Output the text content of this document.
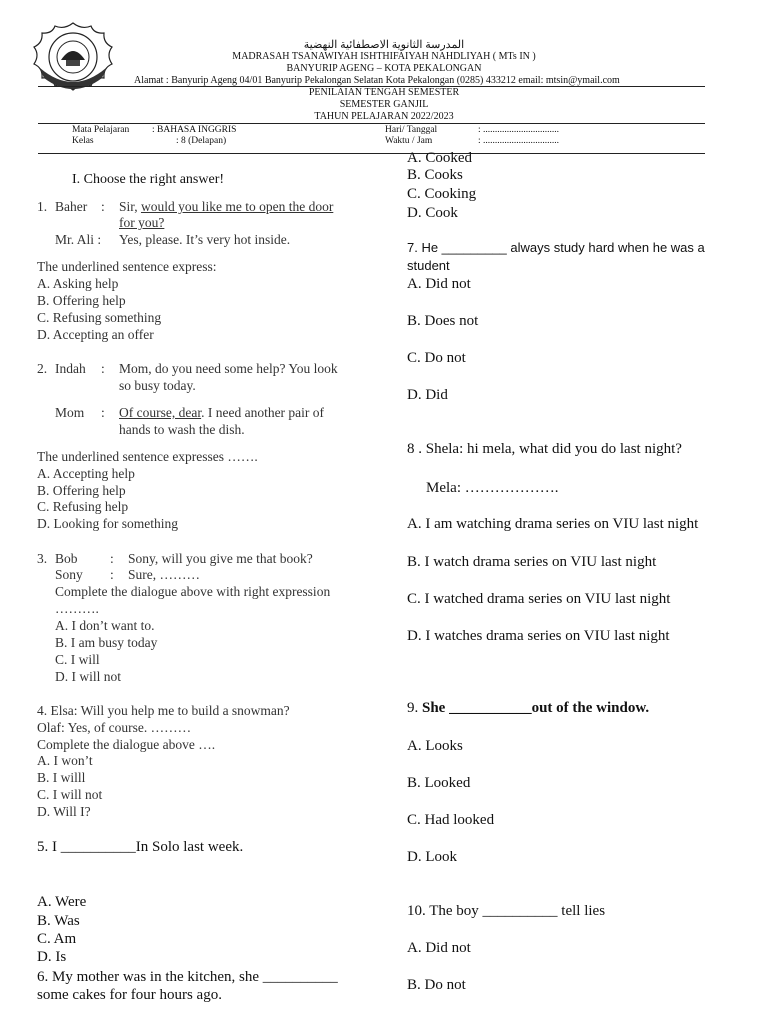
المدرسة الثانوية الاصطفائية النهضية
MADRASAH TSANAWIYAH ISHTHIFAIYAH NAHDLIYAH ( MTs IN )
BANYURIP AGENG – KOTA PEKALONGAN
Alamat : Banyurip Ageng 04/01 Banyurip Pekalongan Selatan Kota Pekalongan (0285) 433212 email: mtsin@ymail.com
PENILAIAN TENGAH SEMESTER
SEMESTER GANJIL
TAHUN PELAJARAN 2022/2023
Mata Pelajaran : BAHASA INGGRIS
Kelas	: 8 (Delapan)
Hari/ Tanggal	: ................................
Waktu / Jam	: ................................
I. Choose the right answer!
1. Baher : Sir, would you like me to open the door
for you?
Mr. Ali : Yes, please. It’s very hot inside.
The underlined sentence express:
A. Asking help
B. Offering help
C. Refusing something
D. Accepting an offer
2. Indah : Mom, do you need some help? You look
so busy today.
Mom : Of course, dear. I need another pair of
hands to wash the dish.
The underlined sentence expresses …….
A. Accepting help
B. Offering help
C. Refusing help
D. Looking for something
3. Bob : Sony, will you give me that book?
Sony : Sure, ………
Complete the dialogue above with right expression
……….
A. I don’t want to.
B. I am busy today
C. I will
D. I will not
4. Elsa: Will you help me to build a snowman?
Olaf: Yes, of course. ………
Complete the dialogue above ….
A. I won’t
B. I willl
C. I will not
D. Will I?
5. I __________In Solo last week.
A. Were
B. Was
C. Am
D. Is
6. My mother was in the kitchen, she __________
some cakes for four hours ago.
A. Cooked
B. Cooks
C. Cooking
D. Cook
7. He _________ always study hard when he was a
student
A. Did not
B. Does not
C. Do not
D. Did
8 . Shela: hi mela, what did you do last night?
Mela: ……………….
A. I am watching drama series on VIU last night
B. I watch drama series on VIU last night
C. I watched drama series on VIU last night
D. I watches drama series on VIU last night
9. She ___________out of the window.
A. Looks
B. Looked
C. Had looked
D. Look
10. The boy __________ tell lies
A. Did not
B. Do not
